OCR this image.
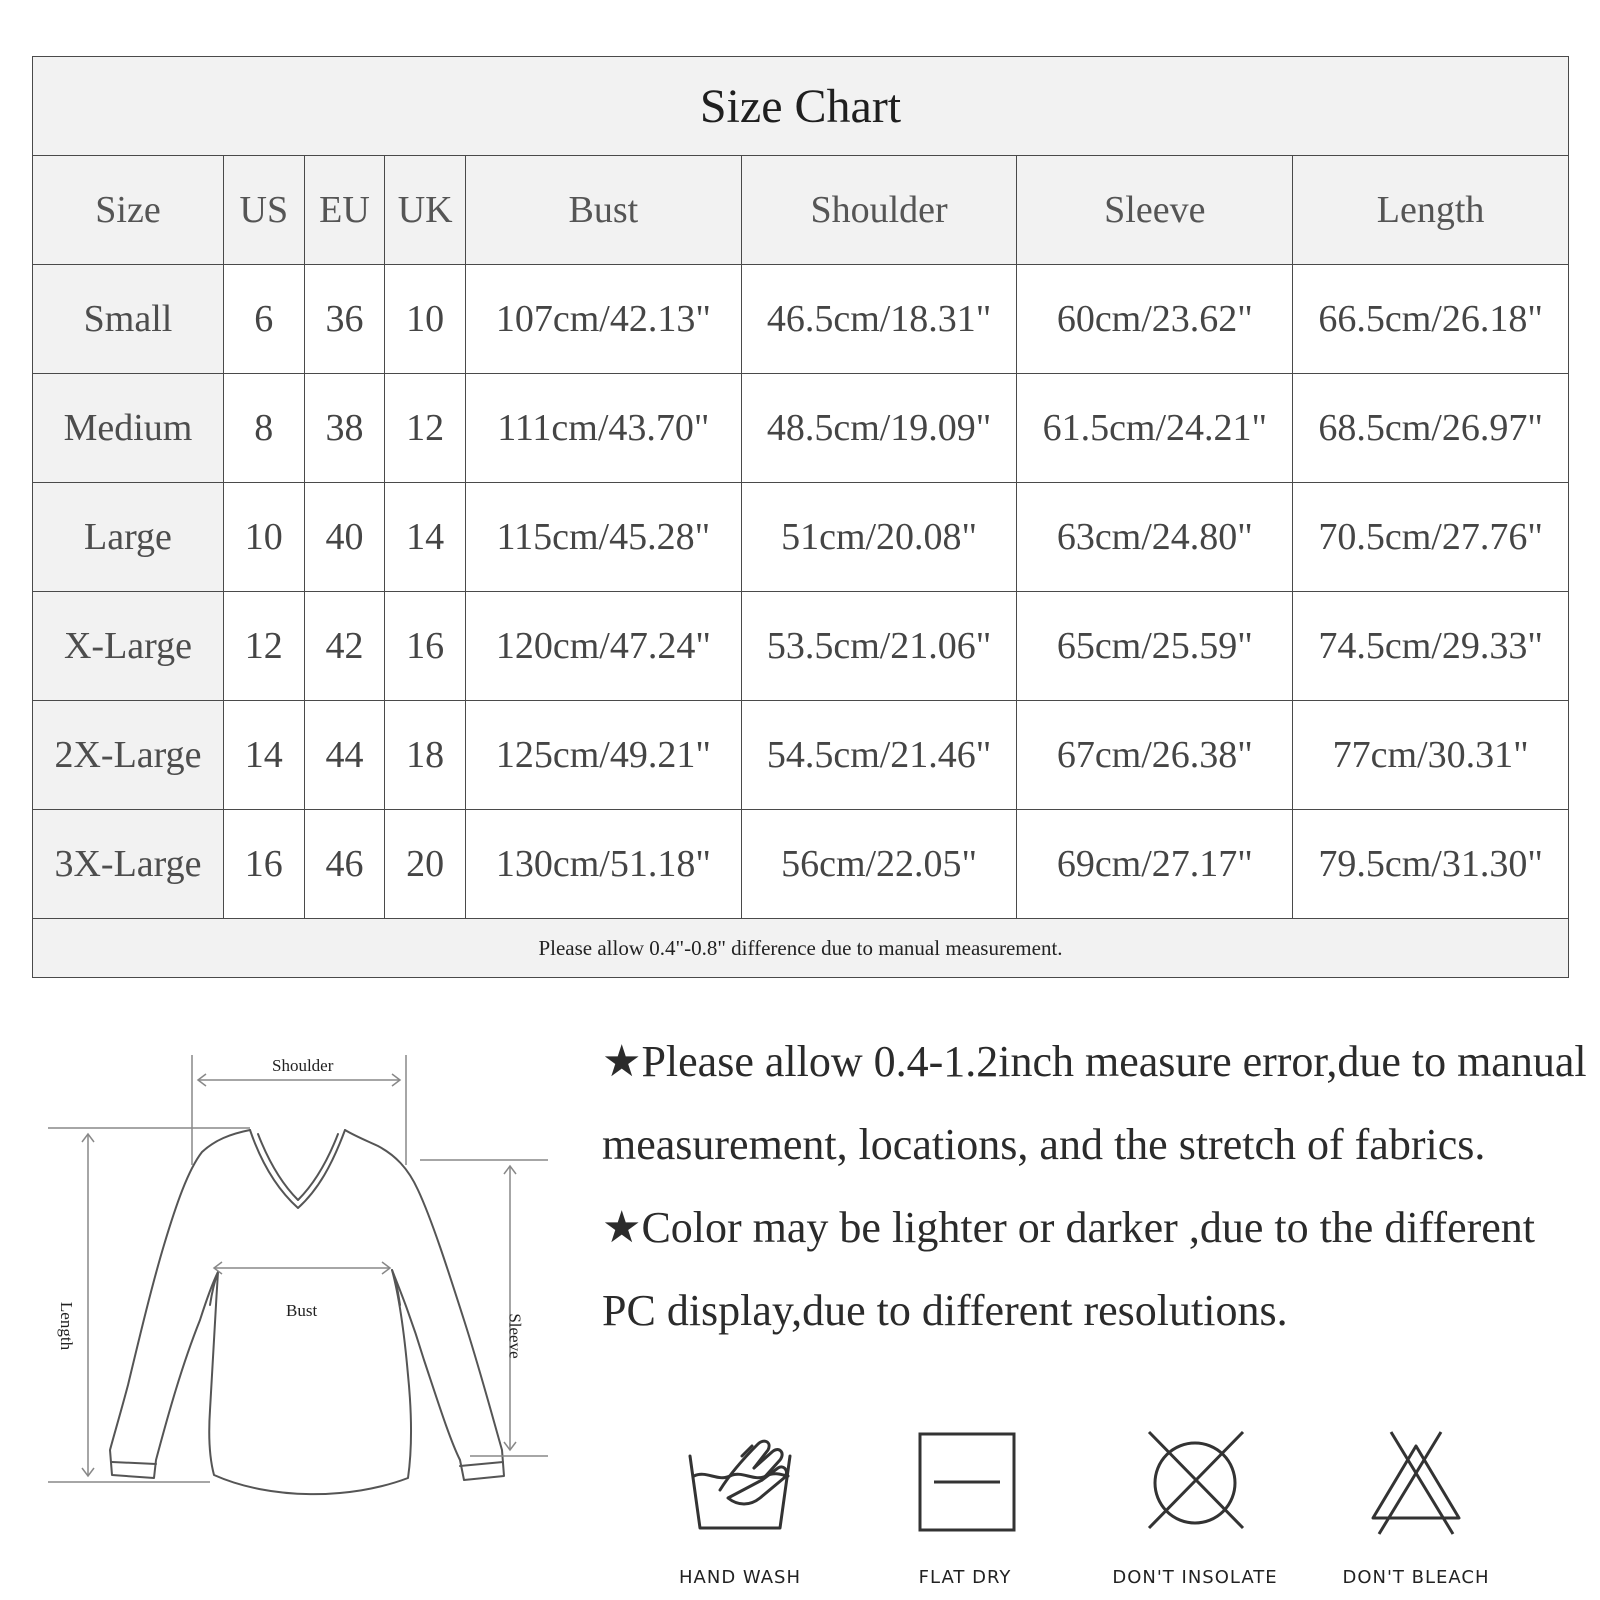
Size Chart							
Size	US	EU	UK	Bust	Shoulder	Sleeve	Length
Small	6	36	10	107cm/42.13"	46.5cm/18.31"	60cm/23.62"	66.5cm/26.18"
Medium	8	38	12	111cm/43.70"	48.5cm/19.09"	61.5cm/24.21"	68.5cm/26.97"
Large	10	40	14	115cm/45.28"	51cm/20.08"	63cm/24.80"	70.5cm/27.76"
X-Large	12	42	16	120cm/47.24"	53.5cm/21.06"	65cm/25.59"	74.5cm/29.33"
2X-Large	14	44	18	125cm/49.21"	54.5cm/21.46"	67cm/26.38"	77cm/30.31"
3X-Large	16	46	20	130cm/51.18"	56cm/22.05"	69cm/27.17"	79.5cm/31.30"
Please allow 0.4"-0.8" difference due to manual measurement.							
Shoulder
Bust
Length	Sleeve

★Please allow 0.4-1.2inch measure error,due to manual measurement, locations, and the stretch of fabrics.

★Color may be lighter or darker ,due to the different PC display,due to different resolutions.

HAND WASH	FLAT DRY	DON'T INSOLATE	DON'T BLEACH
